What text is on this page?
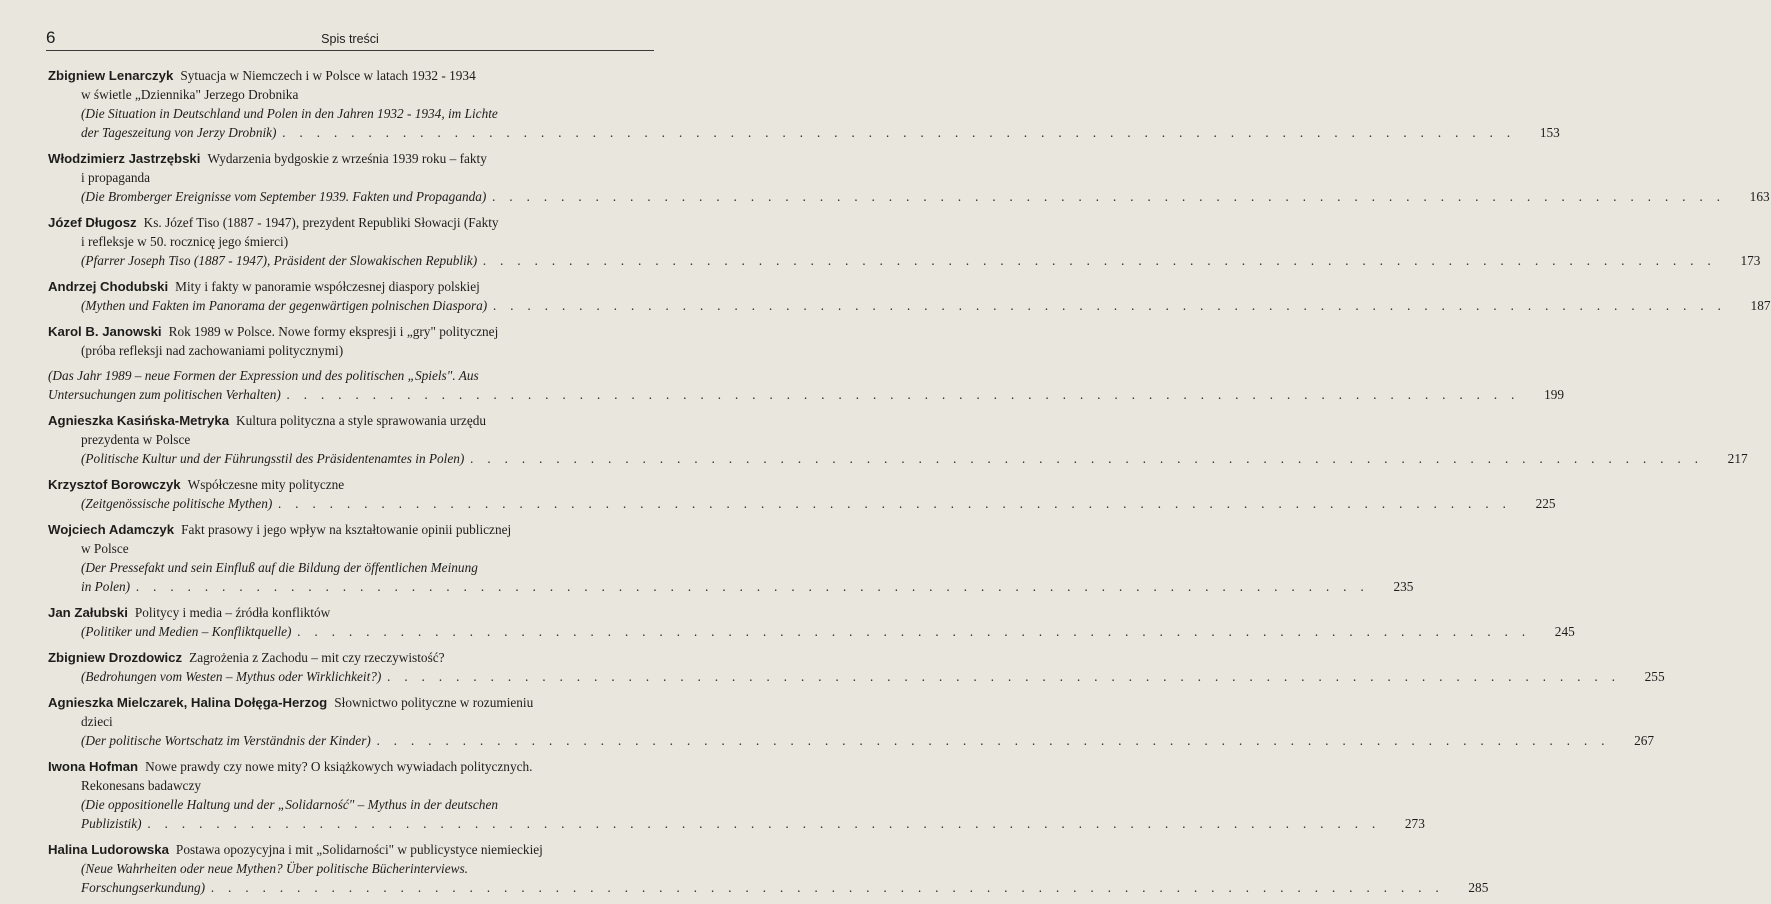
6	Spis treści
Zbigniew Lenarczyk Sytuacja w Niemczech i w Polsce w latach 1932 - 1934
w świetle „Dziennika" Jerzego Drobnika
(Die Situation in Deutschland und Polen in den Jahren 1932 - 1934, im Lichte
der Tageszeitung von Jerzy Drobnik) . . . . . . . . . . . . . . . . . . . . . . . . . . . . . . . . . . . . . . . . . . . . . . . . . . . . . . . . . . . . . . . . . . . . . . . .	153
Włodzimierz Jastrzębski Wydarzenia bydgoskie z września 1939 roku – fakty
i propaganda
(Die Bromberger Ereignisse vom September 1939. Fakten und Propaganda) . . . . . . . . . . . . . . . . . . . . . . . . . . . . . . . . . . . . . . . . . . . . . . . . . . . . . . . . . . . . . . . . . . . . . . . .	163
Józef Długosz Ks. Józef Tiso (1887 - 1947), prezydent Republiki Słowacji (Fakty
i refleksje w 50. rocznicę jego śmierci)
(Pfarrer Joseph Tiso (1887 - 1947), Präsident der Slowakischen Republik) . . . . . . . . . . . . . . . . . . . . . . . . . . . . . . . . . . . . . . . . . . . . . . . . . . . . . . . . . . . . . . . . . . . . . . . .	173
Andrzej Chodubski Mity i fakty w panoramie współczesnej diaspory polskiej
(Mythen und Fakten im Panorama der gegenwärtigen polnischen Diaspora) . . . . . . . . . . . . . . . . . . . . . . . . . . . . . . . . . . . . . . . . . . . . . . . . . . . . . . . . . . . . . . . . . . . . . . . .	187
Karol B. Janowski Rok 1989 w Polsce. Nowe formy ekspresji i „gry" politycznej
(próba refleksji nad zachowaniami politycznymi)
(Das Jahr 1989 – neue Formen der Expression und des politischen „Spiels". Aus
Untersuchungen zum politischen Verhalten) . . . . . . . . . . . . . . . . . . . . . . . . . . . . . . . . . . . . . . . . . . . . . . . . . . . . . . . . . . . . . . . . . . . . . . . .	199
Agnieszka Kasińska-Metryka Kultura polityczna a style sprawowania urzędu
prezydenta w Polsce
(Politische Kultur und der Führungsstil des Präsidentenamtes in Polen) . . . . . . . . . . . . . . . . . . . . . . . . . . . . . . . . . . . . . . . . . . . . . . . . . . . . . . . . . . . . . . . . . . . . . . . .	217
Krzysztof Borowczyk Współczesne mity polityczne
(Zeitgenössische politische Mythen) . . . . . . . . . . . . . . . . . . . . . . . . . . . . . . . . . . . . . . . . . . . . . . . . . . . . . . . . . . . . . . . . . . . . . . . .	225
Wojciech Adamczyk Fakt prasowy i jego wpływ na kształtowanie opinii publicznej
w Polsce
(Der Pressefakt und sein Einfluß auf die Bildung der öffentlichen Meinung
in Polen) . . . . . . . . . . . . . . . . . . . . . . . . . . . . . . . . . . . . . . . . . . . . . . . . . . . . . . . . . . . . . . . . . . . . . . . .	235
Jan Załubski Politycy i media – źródła konfliktów
(Politiker und Medien – Konfliktquelle) . . . . . . . . . . . . . . . . . . . . . . . . . . . . . . . . . . . . . . . . . . . . . . . . . . . . . . . . . . . . . . . . . . . . . . . .	245
Zbigniew Drozdowicz Zagrożenia z Zachodu – mit czy rzeczywistość?
(Bedrohungen vom Westen – Mythus oder Wirklichkeit?) . . . . . . . . . . . . . . . . . . . . . . . . . . . . . . . . . . . . . . . . . . . . . . . . . . . . . . . . . . . . . . . . . . . . . . . .	255
Agnieszka Mielczarek, Halina Dołęga-Herzog Słownictwo polityczne w rozumieniu
dzieci
(Der politische Wortschatz im Verständnis der Kinder) . . . . . . . . . . . . . . . . . . . . . . . . . . . . . . . . . . . . . . . . . . . . . . . . . . . . . . . . . . . . . . . . . . . . . . . .	267
Iwona Hofman Nowe prawdy czy nowe mity? O książkowych wywiadach politycznych.
Rekonesans badawczy
(Die oppositionelle Haltung und der „Solidarność" – Mythus in der deutschen
Publizistik) . . . . . . . . . . . . . . . . . . . . . . . . . . . . . . . . . . . . . . . . . . . . . . . . . . . . . . . . . . . . . . . . . . . . . . . .	273
Halina Ludorowska Postawa opozycyjna i mit „Solidarności" w publicystyce niemieckiej
(Neue Wahrheiten oder neue Mythen? Über politische Bücherinterviews.
Forschungserkundung) . . . . . . . . . . . . . . . . . . . . . . . . . . . . . . . . . . . . . . . . . . . . . . . . . . . . . . . . . . . . . . . . . . . . . . . .	285
